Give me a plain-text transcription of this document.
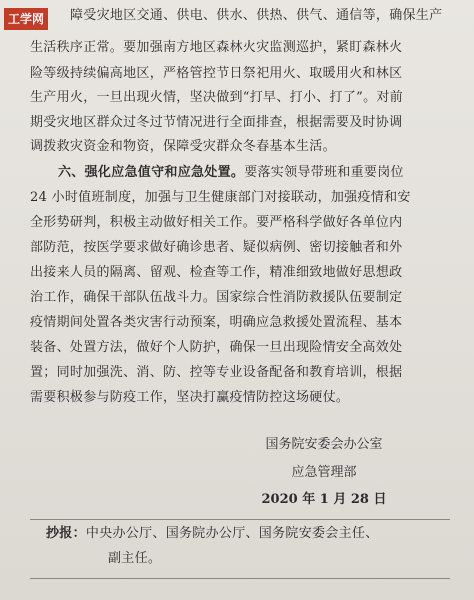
工学网	障受灾地区交通、供电、供水、供热、供气、通信等，确保生产
生活秩序正常。要加强南方地区森林火灾监测巡护，紧盯森林火
险等级持续偏高地区，严格管控节日祭祀用火、取暖用火和林区
生产用火，一旦出现火情，坚决做到“打早、打小、打了”。对前
期受灾地区群众过冬过节情况进行全面排查，根据需要及时协调
调拨救灾资金和物资，保障受灾群众冬春基本生活。
六、强化应急值守和应急处置。要落实领导带班和重要岗位
24 小时值班制度，加强与卫生健康部门对接联动，加强疫情和安
全形势研判，积极主动做好相关工作。要严格科学做好各单位内
部防范，按医学要求做好确诊患者、疑似病例、密切接触者和外
出接来人员的隔离、留观、检查等工作，精准细致地做好思想政
治工作，确保干部队伍战斗力。国家综合性消防救援队伍要制定
疫情期间处置各类灾害行动预案，明确应急救援处置流程、基本
装备、处置方法，做好个人防护，确保一旦出现险情安全高效处
置；同时加强洗、消、防、控等专业设备配备和教育培训，根据
需要积极参与防疫工作，坚决打赢疫情防控这场硬仗。
国务院安委会办公室
应急管理部
2020 年 1 月 28 日
抄报：中央办公厅、国务院办公厅、国务院安委会主任、
副主任。
